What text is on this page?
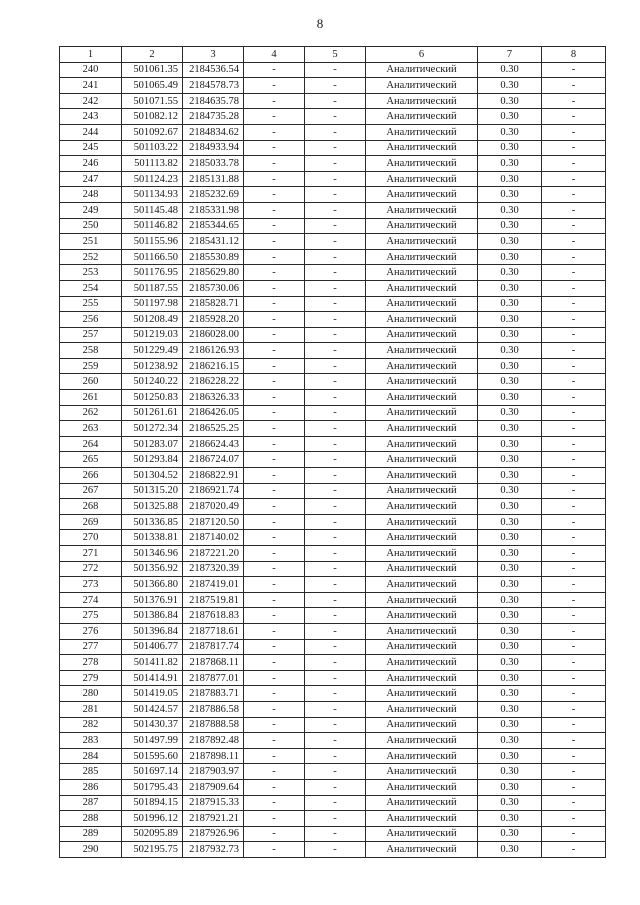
8
1	2	3	4	5	6	7	8
240	501061.35	2184536.54	-	-	Аналитический	0.30	-
241	501065.49	2184578.73	-	-	Аналитический	0.30	-
242	501071.55	2184635.78	-	-	Аналитический	0.30	-
243	501082.12	2184735.28	-	-	Аналитический	0.30	-
244	501092.67	2184834.62	-	-	Аналитический	0.30	-
245	501103.22	2184933.94	-	-	Аналитический	0.30	-
246	501113.82	2185033.78	-	-	Аналитический	0.30	-
247	501124.23	2185131.88	-	-	Аналитический	0.30	-
248	501134.93	2185232.69	-	-	Аналитический	0.30	-
249	501145.48	2185331.98	-	-	Аналитический	0.30	-
250	501146.82	2185344.65	-	-	Аналитический	0.30	-
251	501155.96	2185431.12	-	-	Аналитический	0.30	-
252	501166.50	2185530.89	-	-	Аналитический	0.30	-
253	501176.95	2185629.80	-	-	Аналитический	0.30	-
254	501187.55	2185730.06	-	-	Аналитический	0.30	-
255	501197.98	2185828.71	-	-	Аналитический	0.30	-
256	501208.49	2185928.20	-	-	Аналитический	0.30	-
257	501219.03	2186028.00	-	-	Аналитический	0.30	-
258	501229.49	2186126.93	-	-	Аналитический	0.30	-
259	501238.92	2186216.15	-	-	Аналитический	0.30	-
260	501240.22	2186228.22	-	-	Аналитический	0.30	-
261	501250.83	2186326.33	-	-	Аналитический	0.30	-
262	501261.61	2186426.05	-	-	Аналитический	0.30	-
263	501272.34	2186525.25	-	-	Аналитический	0.30	-
264	501283.07	2186624.43	-	-	Аналитический	0.30	-
265	501293.84	2186724.07	-	-	Аналитический	0.30	-
266	501304.52	2186822.91	-	-	Аналитический	0.30	-
267	501315.20	2186921.74	-	-	Аналитический	0.30	-
268	501325.88	2187020.49	-	-	Аналитический	0.30	-
269	501336.85	2187120.50	-	-	Аналитический	0.30	-
270	501338.81	2187140.02	-	-	Аналитический	0.30	-
271	501346.96	2187221.20	-	-	Аналитический	0.30	-
272	501356.92	2187320.39	-	-	Аналитический	0.30	-
273	501366.80	2187419.01	-	-	Аналитический	0.30	-
274	501376.91	2187519.81	-	-	Аналитический	0.30	-
275	501386.84	2187618.83	-	-	Аналитический	0.30	-
276	501396.84	2187718.61	-	-	Аналитический	0.30	-
277	501406.77	2187817.74	-	-	Аналитический	0.30	-
278	501411.82	2187868.11	-	-	Аналитический	0.30	-
279	501414.91	2187877.01	-	-	Аналитический	0.30	-
280	501419.05	2187883.71	-	-	Аналитический	0.30	-
281	501424.57	2187886.58	-	-	Аналитический	0.30	-
282	501430.37	2187888.58	-	-	Аналитический	0.30	-
283	501497.99	2187892.48	-	-	Аналитический	0.30	-
284	501595.60	2187898.11	-	-	Аналитический	0.30	-
285	501697.14	2187903.97	-	-	Аналитический	0.30	-
286	501795.43	2187909.64	-	-	Аналитический	0.30	-
287	501894.15	2187915.33	-	-	Аналитический	0.30	-
288	501996.12	2187921.21	-	-	Аналитический	0.30	-
289	502095.89	2187926.96	-	-	Аналитический	0.30	-
290	502195.75	2187932.73	-	-	Аналитический	0.30	-
